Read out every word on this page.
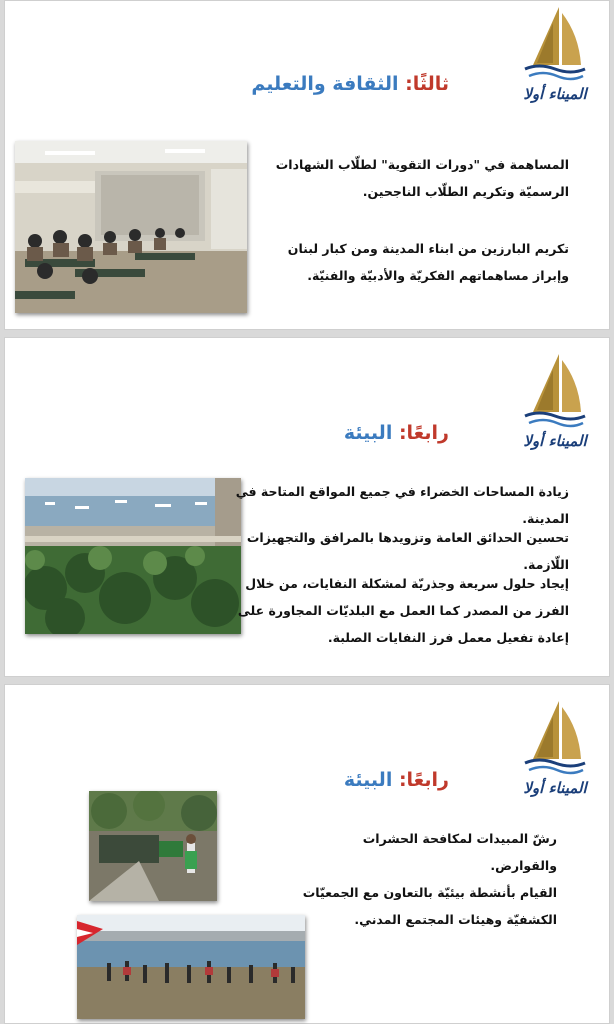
الميناء أولا
ثالثًا: الثقافة والتعليم
المساهمة في "دورات التقوية" لطلّاب الشهادات الرسميّة وتكريم الطلّاب الناجحين.
تكريم البارزين من ابناء المدينة ومن كبار لبنان وإبراز مساهماتهم الفكريّة والأدبيّة والفنيّة.
الميناء أولا
رابعًا: البيئة
زيادة المساحات الخضراء في جميع المواقع المتاحة في المدينة.
تحسين الحدائق العامة وتزويدها بالمرافق والتجهيزات اللّازمة.
إيجاد حلول سريعة وجذريّة لمشكلة النفايات، من خلال الفرز من المصدر كما العمل مع البلديّات المجاورة على إعادة تفعيل معمل فرز النفايات الصلبة.
الميناء أولا
رابعًا: البيئة
رشّ المبيدات لمكافحة الحشرات والقوارض.
القيام بأنشطة بيئيّة بالتعاون مع الجمعيّات الكشفيّة وهيئات المجتمع المدني.
